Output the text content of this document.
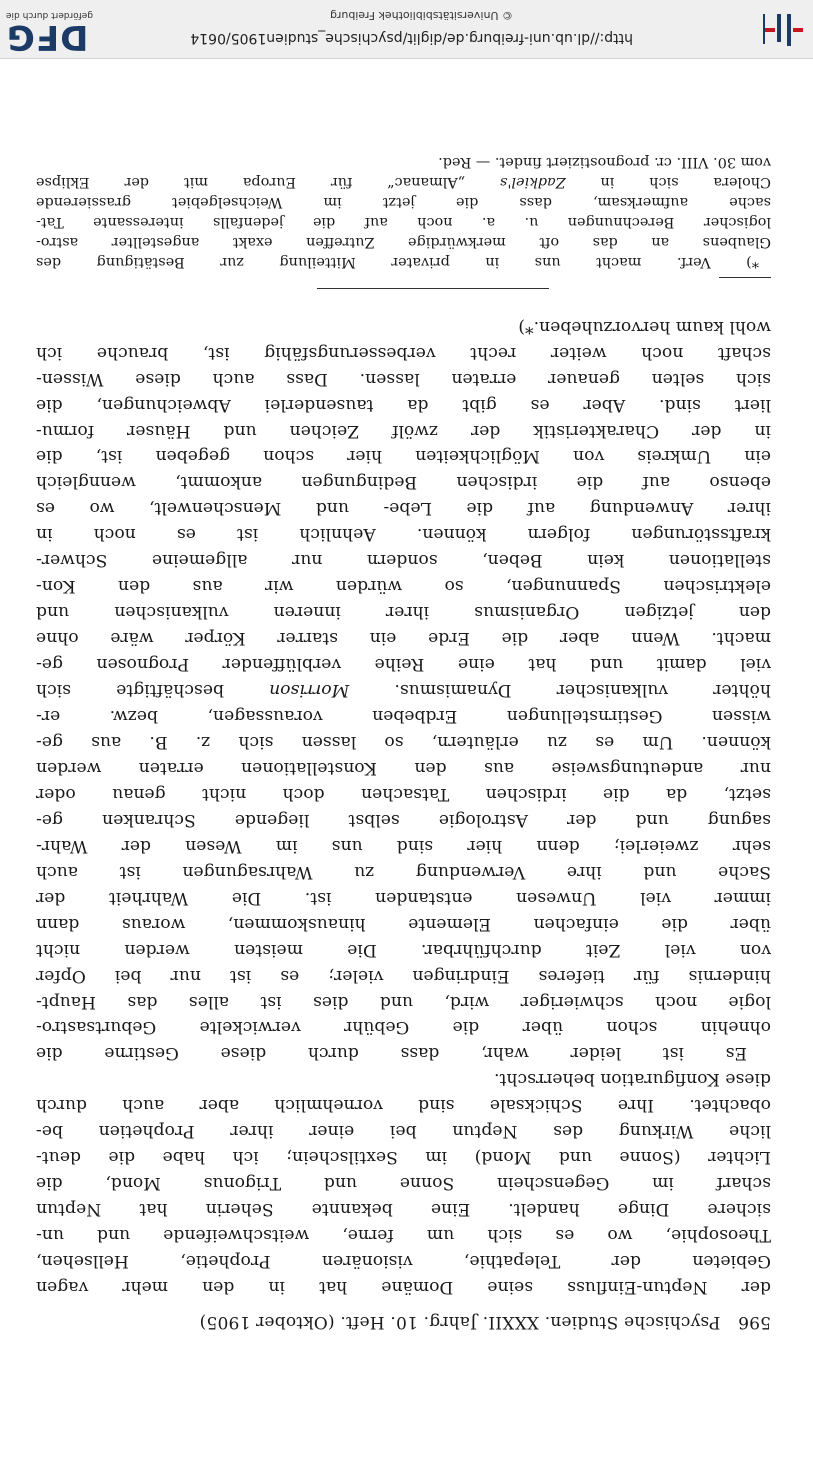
596 Psychische Studien. XXXII. Jahrg. 10. Heft. (Oktober 1905)
der Neptun-Einfluss seine Domäne hat in den mehr vagen
Gebieten der Telepathie, visionären Prophetie, Hellsehen,
Theosophie, wo es sich um ferne, weitschweifende und un-
sichere Dinge handelt. Eine bekannte Seherin hat Neptun
scharf im Gegenschein Sonne und Trigonus Mond, die
Lichter (Sonne und Mond) im Sextilschein; ich habe die deut-
liche Wirkung des Neptun bei einer ihrer Prophetien be-
obachtet. Ihre Schicksale sind vornehmlich aber auch durch
diese Konfiguration beherrscht.
Es ist leider wahr, dass durch diese Gestirne die
ohnehin schon über die Gebühr verwickelte Geburtsastro-
logie noch schwieriger wird, und dies ist alles das Haupt-
hindernis für tieferes Eindringen vieler; es ist nur bei Opfer
von viel Zeit durchführbar. Die meisten werden nicht
über die einfachen Elemente hinauskommen, woraus dann
immer viel Unwesen entstanden ist. Die Wahrheit der
Sache und ihre Verwendung zu Wahrsagungen ist auch
sehr zweierlei; denn hier sind uns im Wesen der Wahr-
sagung und der Astrologie selbst liegende Schranken ge-
setzt, da die irdischen Tatsachen doch nicht genau oder
nur andeutungsweise aus den Konstellationen erraten werden
können. Um es zu erläutern, so lassen sich z. B. aus ge-
wissen Gestirnstellungen Erdbeben voraussagen, bezw. er-
höhter vulkanischer Dynamismus. Morrison beschäftigte sich
viel damit und hat eine Reihe verblüffender Prognosen ge-
macht. Wenn aber die Erde ein starrer Körper wäre ohne
den jetzigen Organismus ihrer inneren vulkanischen und
elektrischen Spannungen, so würden wir aus den Kon-
stellationen kein Beben, sondern nur allgemeine Schwer-
kraftsstörungen folgern können. Aehnlich ist es noch in
ihrer Anwendung auf die Lebe- und Menschenwelt, wo es
ebenso auf die irdischen Bedingungen ankommt, wenngleich
ein Umkreis von Möglichkeiten hier schon gegeben ist, die
in der Charakteristik der zwölf Zeichen und Häuser formu-
liert sind. Aber es gibt da tausenderlei Abweichungen, die
sich selten genauer erraten lassen. Dass auch diese Wissen-
schaft noch weiter recht verbesserungsfähig ist, brauche ich
wohl kaum hervorzuheben.*)
*) Verf. macht uns in privater Mitteilung zur Bestätigung des
Glaubens an das oft merkwürdige Zutreffen exakt angestellter astro-
logischer Berechnungen u. a. noch auf die jedenfalls interessante Tat-
sache aufmerksam, dass die jetzt im Weichselgebiet grassierende
Cholera sich in Zadkiel's „Almanac“ für Europa mit der Eklipse
vom 30. VIII. cr. prognostiziert findet. — Red.
DFG
gefördert durch die
http://dl.ub.uni-freiburg.de/diglit/psychische_studien1905/0614
© Universitätsbibliothek Freiburg
